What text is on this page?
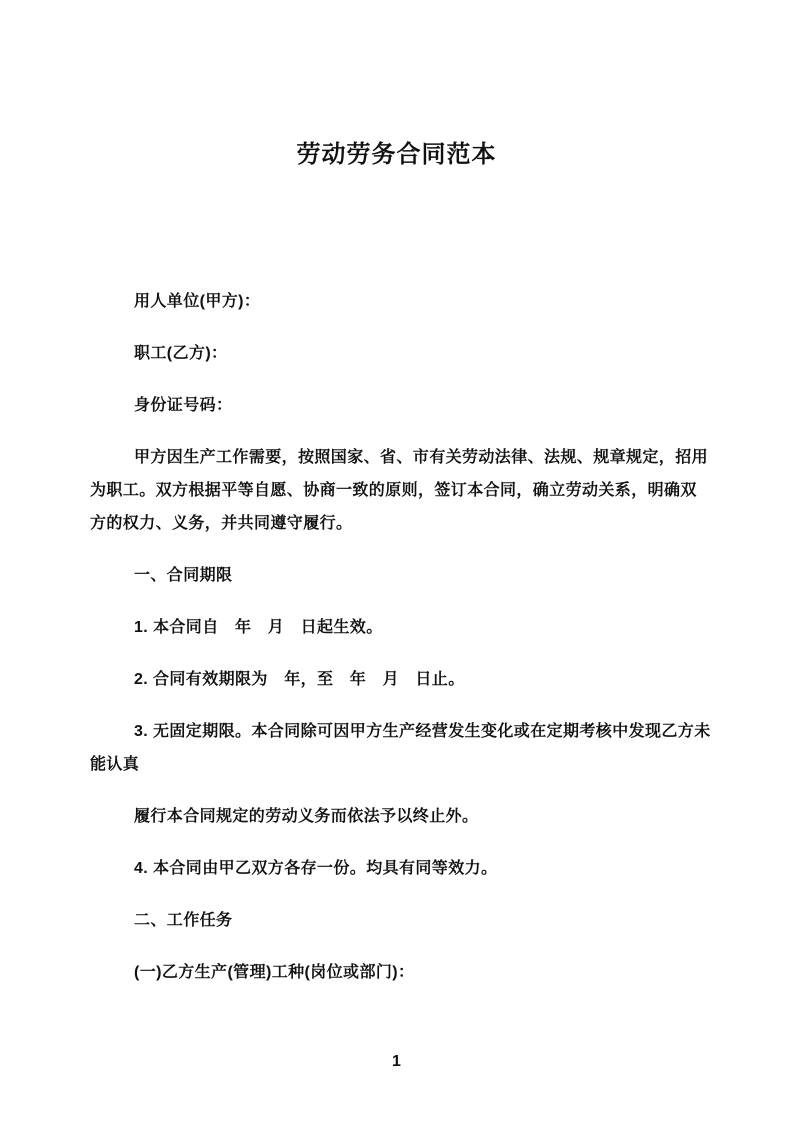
劳动劳务合同范本

用人单位(甲方)：

职工(乙方)：

身份证号码：

甲方因生产工作需要，按照国家、省、市有关劳动法律、法规、规章规定，招用

为职工。双方根据平等自愿、协商一致的原则，签订本合同，确立劳动关系，明确双

方的权力、义务，并共同遵守履行。

一、合同期限

1. 本合同自　年　月　日起生效。

2. 合同有效期限为　年，至　年　月　日止。

3. 无固定期限。本合同除可因甲方生产经营发生变化或在定期考核中发现乙方未

能认真

履行本合同规定的劳动义务而依法予以终止外。

4. 本合同由甲乙双方各存一份。均具有同等效力。

二、工作任务

(一)乙方生产(管理)工种(岗位或部门)：

1
